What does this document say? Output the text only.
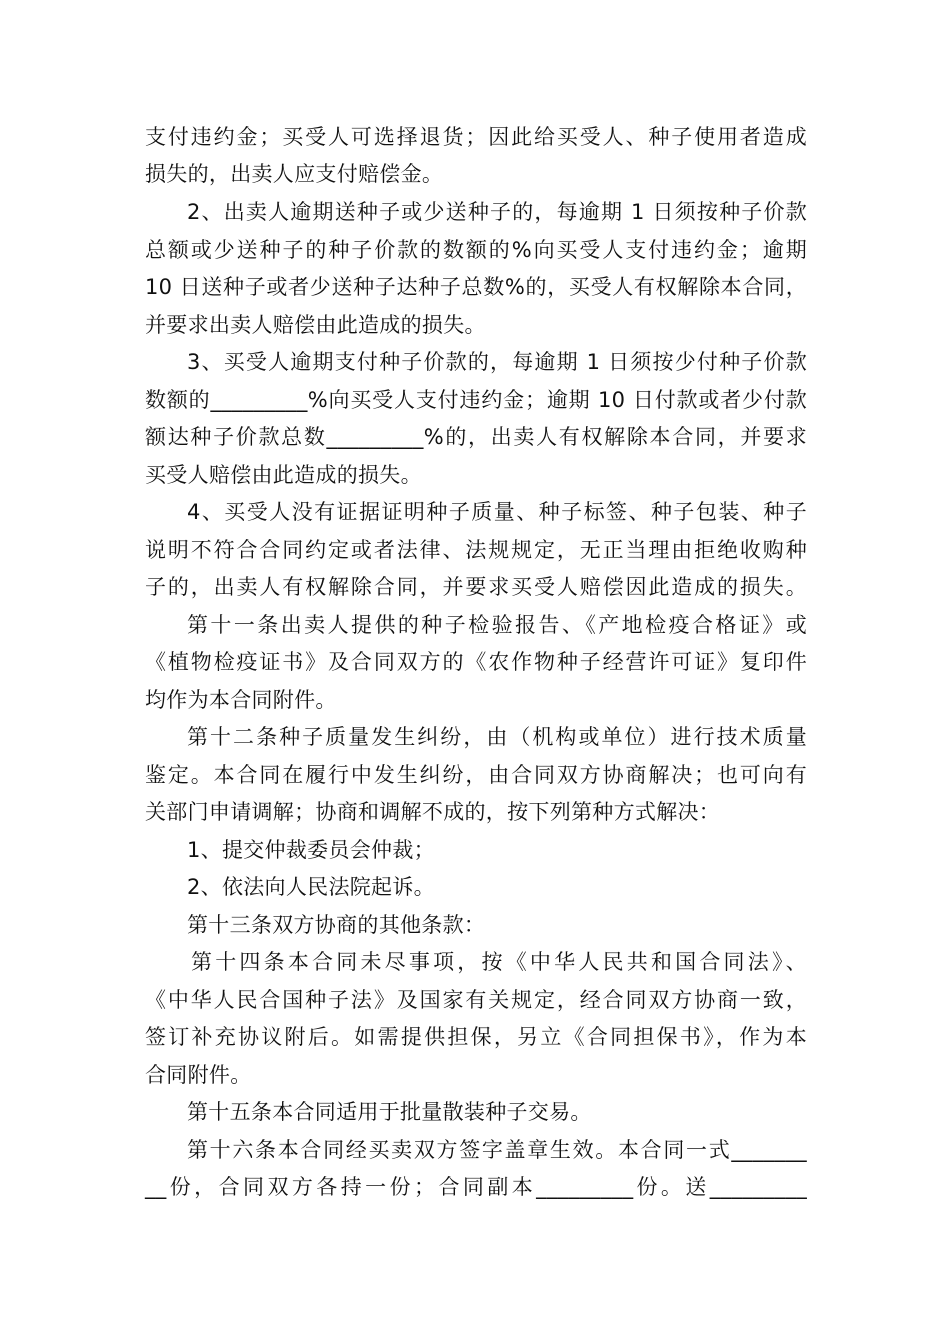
支付违约金；买受人可选择退货；因此给买受人、种子使用者造成
损失的，出卖人应支付赔偿金。
2、出卖人逾期送种子或少送种子的，每逾期 1 日须按种子价款
总额或少送种子的种子价款的数额的%向买受人支付违约金；逾期
10 日送种子或者少送种子达种子总数%的，买受人有权解除本合同，
并要求出卖人赔偿由此造成的损失。
3、买受人逾期支付种子价款的，每逾期 1 日须按少付种子价款
数额的_________%向买受人支付违约金；逾期 10 日付款或者少付款
额达种子价款总数_________%的，出卖人有权解除本合同，并要求
买受人赔偿由此造成的损失。
4、买受人没有证据证明种子质量、种子标签、种子包装、种子
说明不符合合同约定或者法律、法规规定，无正当理由拒绝收购种
子的，出卖人有权解除合同，并要求买受人赔偿因此造成的损失。
第十一条出卖人提供的种子检验报告、《产地检疫合格证》或
《植物检疫证书》及合同双方的《农作物种子经营许可证》复印件
均作为本合同附件。
第十二条种子质量发生纠纷，由（机构或单位）进行技术质量
鉴定。本合同在履行中发生纠纷，由合同双方协商解决；也可向有
关部门申请调解；协商和调解不成的，按下列第种方式解决：
1、提交仲裁委员会仲裁；
2、依法向人民法院起诉。
第十三条双方协商的其他条款：
第十四条本合同未尽事项，按《中华人民共和国合同法》、
《中华人民合国种子法》及国家有关规定，经合同双方协商一致，
签订补充协议附后。如需提供担保，另立《合同担保书》，作为本
合同附件。
第十五条本合同适用于批量散装种子交易。
第十六条本合同经买卖双方签字盖章生效。本合同一式_______
__份，合同双方各持一份；合同副本_________份。送_________
